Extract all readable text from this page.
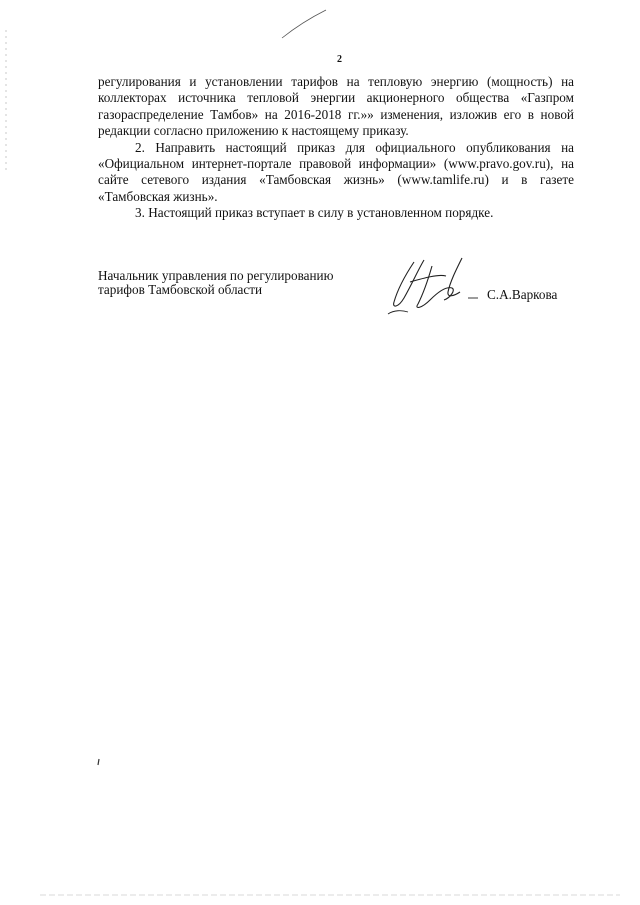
2

регулирования и установлении тарифов на тепловую энергию (мощность) на коллекторах источника тепловой энергии акционерного общества «Газпром газораспределение Тамбов» на 2016-2018 гг.»» изменения, изложив его в новой редакции согласно приложению к настоящему приказу.

2. Направить настоящий приказ для официального опубликования на «Официальном интернет-портале правовой информации» (www.pravo.gov.ru), на сайте сетевого издания «Тамбовская жизнь» (www.tamlife.ru) и в газете «Тамбовская жизнь».

3. Настоящий приказ вступает в силу в установленном порядке.

Начальник управления по регулированию
тарифов Тамбовской области	С.А.Варкова
